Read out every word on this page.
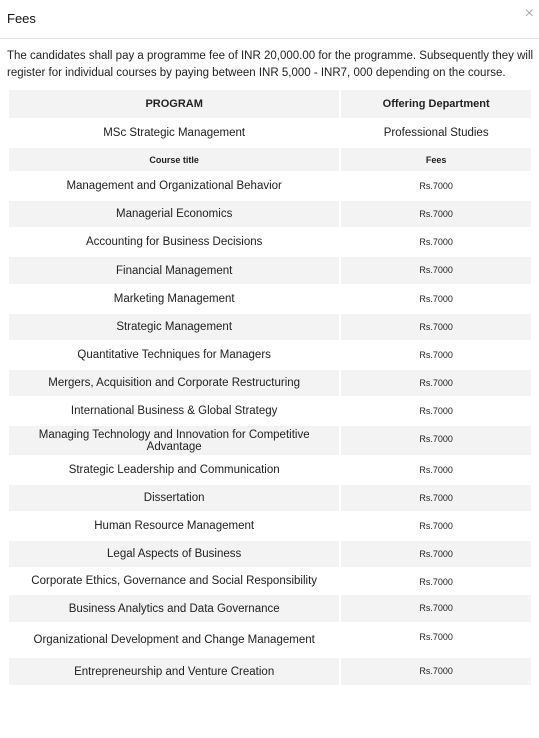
Fees	×
The candidates shall pay a programme fee of INR 20,000.00 for the programme. Subsequently they will register for individual courses by paying between INR 5,000 - INR7, 000 depending on the course.
PROGRAM	Offering Department
MSc Strategic Management	Professional Studies
Course title	Fees
Management and Organizational Behavior	Rs.7000
Managerial Economics	Rs.7000
Accounting for Business Decisions	Rs.7000
Financial Management	Rs.7000
Marketing Management	Rs.7000
Strategic Management	Rs.7000
Quantitative Techniques for Managers	Rs.7000
Mergers, Acquisition and Corporate Restructuring	Rs.7000
International Business & Global Strategy	Rs.7000
Managing Technology and Innovation for Competitive Advantage	Rs.7000
Strategic Leadership and Communication	Rs.7000
Dissertation	Rs.7000
Human Resource Management	Rs.7000
Legal Aspects of Business	Rs.7000
Corporate Ethics, Governance and Social Responsibility	Rs.7000
Business Analytics and Data Governance	Rs.7000
Organizational Development and Change Management	Rs.7000
Entrepreneurship and Venture Creation	Rs.7000
